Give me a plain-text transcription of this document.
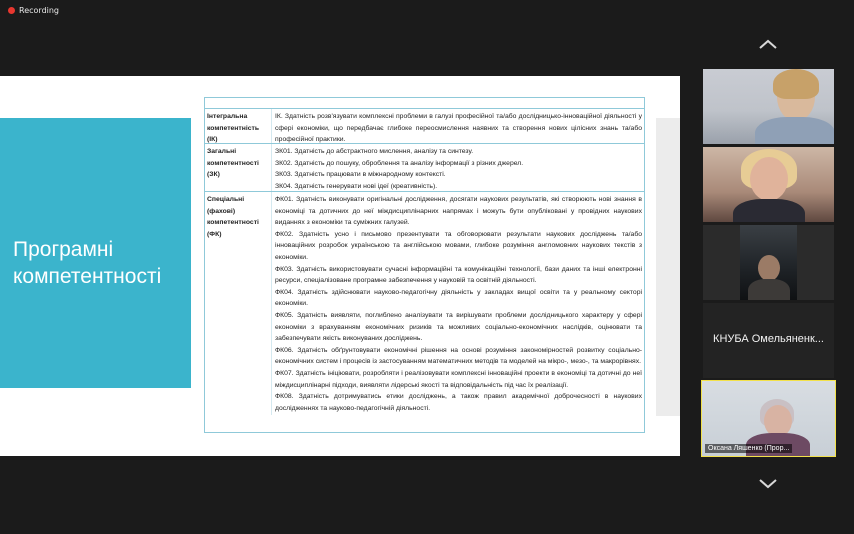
Recording
Програмні компетентності
Інтегральна компетентність (ІК)

ІК. Здатність розв'язувати комплексні проблеми в галузі професійної та/або дослідницько-інноваційної діяльності у сфері економіки, що передбачає глибоке переосмислення наявних та створення нових цілісних знань та/або професійної практики.

Загальні компетентності (ЗК)

ЗК01. Здатність до абстрактного мислення, аналізу та синтезу.

ЗК02. Здатність до пошуку, оброблення та аналізу інформації з різних джерел.

ЗК03. Здатність працювати в міжнародному контексті.

ЗК04. Здатність генерувати нові ідеї (креативність).

Спеціальні (фахові) компетентності (ФК)

ФК01. Здатність виконувати оригінальні дослідження, досягати наукових результатів, які створюють нові знання в економіці та дотичних до неї міждисциплінарних напрямах і можуть бути опубліковані у провідних наукових виданнях з економіки та суміжних галузей.

ФК02. Здатність усно і письмово презентувати та обговорювати результати наукових досліджень та/або інноваційних розробок українською та англійською мовами, глибоке розуміння англомовних наукових текстів з економіки.

ФК03. Здатність використовувати сучасні інформаційні та комунікаційні технології, бази даних та інші електронні ресурси, спеціалізоване програмне забезпечення у науковій та освітній діяльності.

ФК04. Здатність здійснювати науково-педагогічну діяльність у закладах вищої освіти та у реальному секторі економіки.

ФК05. Здатність виявляти, поглиблено аналізувати та вирішувати проблеми дослідницького характеру у сфері економіки з врахуванням економічних ризиків та можливих соціально-економічних наслідків, оцінювати та забезпечувати якість виконуваних досліджень.

ФК06. Здатність обґрунтовувати економічні рішення на основі розуміння закономірностей розвитку соціально-економічних систем і процесів із застосуванням математичних методів та моделей на мікро-, мезо-, та макрорівнях.

ФК07. Здатність ініціювати, розробляти і реалізовувати комплексні інноваційні проекти в економіці та дотичні до неї міждисциплінарні підходи, виявляти лідерські якості та відповідальність під час їх реалізації.

ФК08. Здатність дотримуватись етики досліджень, а також правил академічної доброчесності в наукових дослідженнях та науково-педагогічній діяльності.

КНУБА Омельяненк...
Оксана Ляшенко (Прор...
